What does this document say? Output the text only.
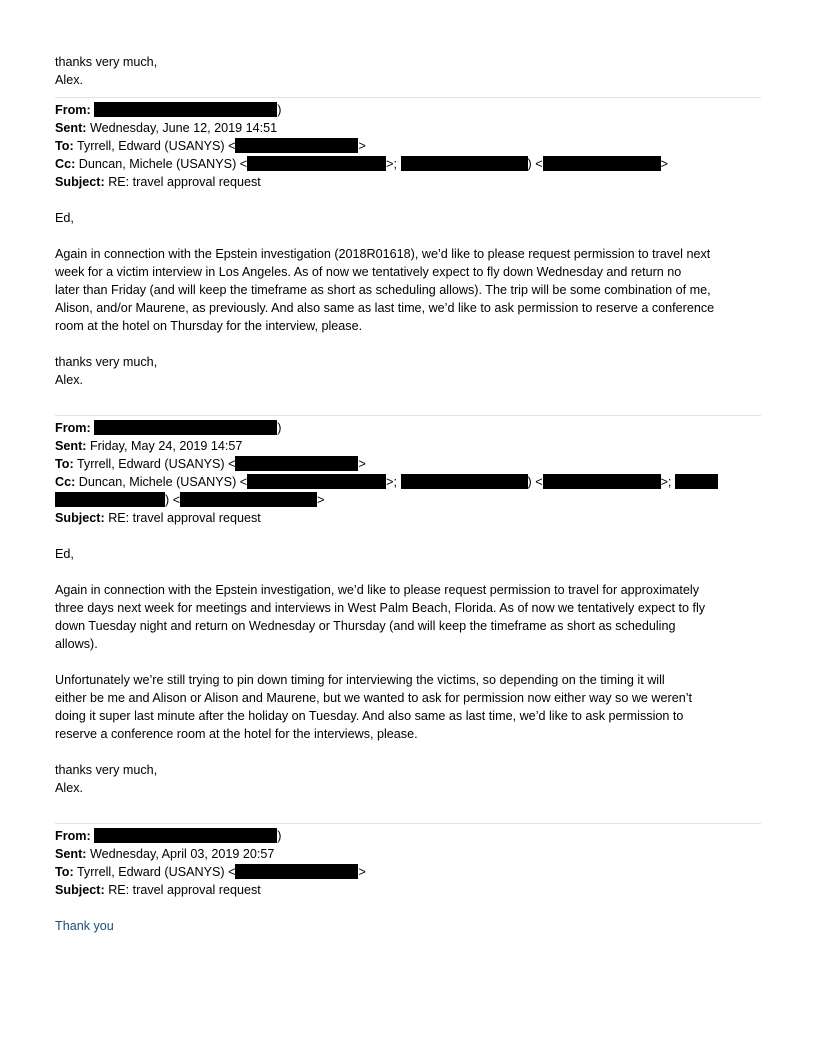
thanks very much,
Alex.
From:	)
Sent: Wednesday, June 12, 2019 14:51
To: Tyrrell, Edward (USANYS) <	>
Cc: Duncan, Michele (USANYS) <	>;	) <	>
Subject: RE: travel approval request
Ed,
Again in connection with the Epstein investigation (2018R01618), we’d like to please request permission to travel next
week for a victim interview in Los Angeles. As of now we tentatively expect to fly down Wednesday and return no
later than Friday (and will keep the timeframe as short as scheduling allows). The trip will be some combination of me,
Alison, and/or Maurene, as previously. And also same as last time, we’d like to ask permission to reserve a conference
room at the hotel on Thursday for the interview, please.
thanks very much,
Alex.
From:	)
Sent: Friday, May 24, 2019 14:57
To: Tyrrell, Edward (USANYS) <	>
Cc: Duncan, Michele (USANYS) <	>;	) <	>;
) <	>
Subject: RE: travel approval request
Ed,
Again in connection with the Epstein investigation, we’d like to please request permission to travel for approximately
three days next week for meetings and interviews in West Palm Beach, Florida. As of now we tentatively expect to fly
down Tuesday night and return on Wednesday or Thursday (and will keep the timeframe as short as scheduling
allows).
Unfortunately we’re still trying to pin down timing for interviewing the victims, so depending on the timing it will
either be me and Alison or Alison and Maurene, but we wanted to ask for permission now either way so we weren’t
doing it super last minute after the holiday on Tuesday. And also same as last time, we’d like to ask permission to
reserve a conference room at the hotel for the interviews, please.
thanks very much,
Alex.
From:	)
Sent: Wednesday, April 03, 2019 20:57
To: Tyrrell, Edward (USANYS) <	>
Subject: RE: travel approval request
Thank you
